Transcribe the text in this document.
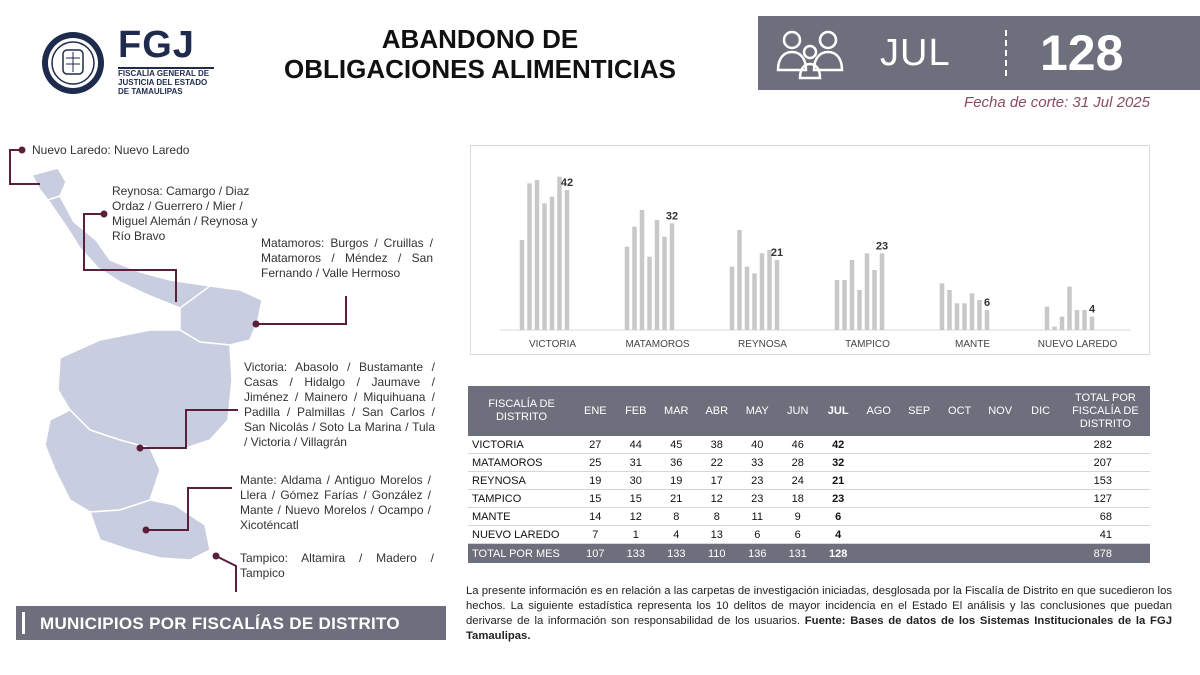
FGJ
FISCALÍA GENERAL DE
JUSTICIA DEL ESTADO
DE TAMAULIPAS
ABANDONO DE
OBLIGACIONES ALIMENTICIAS	JUL 128
Fecha de corte: 31 Jul 2025
Nuevo Laredo: Nuevo Laredo
Reynosa: Camargo / Diaz Ordaz / Guerrero / Mier / Miguel Alemán / Reynosa y Río Bravo	Matamoros: Burgos / Cruillas / Matamoros / Méndez / San Fernando / Valle Hermoso
Victoria: Abasolo / Bustamante / Casas / Hidalgo / Jaumave / Jiménez / Mainero / Miquihuana / Padilla / Palmillas / San Carlos / San Nicolás / Soto La Marina / Tula / Victoria / Villagrán
Mante: Aldama / Antiguo Morelos / Llera / Gómez Farías / González / Mante / Nuevo Morelos / Ocampo / Xicoténcatl
Tampico: Altamira / Madero / Tampico
MUNICIPIOS POR FISCALÍAS DE DISTRITO
42
VICTORIA
32
MATAMOROS
21
REYNOSA
23
TAMPICO
6
MANTE
4
NUEVO LAREDO
FISCALÍA DE DISTRITO	ENE	FEB	MAR	ABR	MAY	JUN	JUL	AGO	SEP	OCT	NOV	DIC	TOTAL POR FISCALÍA DE DISTRITO
VICTORIA	27	44	45	38	40	46	42						282
MATAMOROS	25	31	36	22	33	28	32						207
REYNOSA	19	30	19	17	23	24	21						153
TAMPICO	15	15	21	12	23	18	23						127
MANTE	14	12	8	8	11	9	6						68
NUEVO LAREDO	7	1	4	13	6	6	4						41
TOTAL POR MES	107	133	133	110	136	131	128						878
La presente información es en relación a las carpetas de investigación iniciadas, desglosada por la Fiscalía de Distrito en que sucedieron los hechos. La siguiente estadística representa los 10 delitos de mayor incidencia en el Estado El análisis y las conclusiones que puedan derivarse de la información son responsabilidad de los usuarios. Fuente: Bases de datos de los Sistemas Institucionales de la FGJ Tamaulipas.
